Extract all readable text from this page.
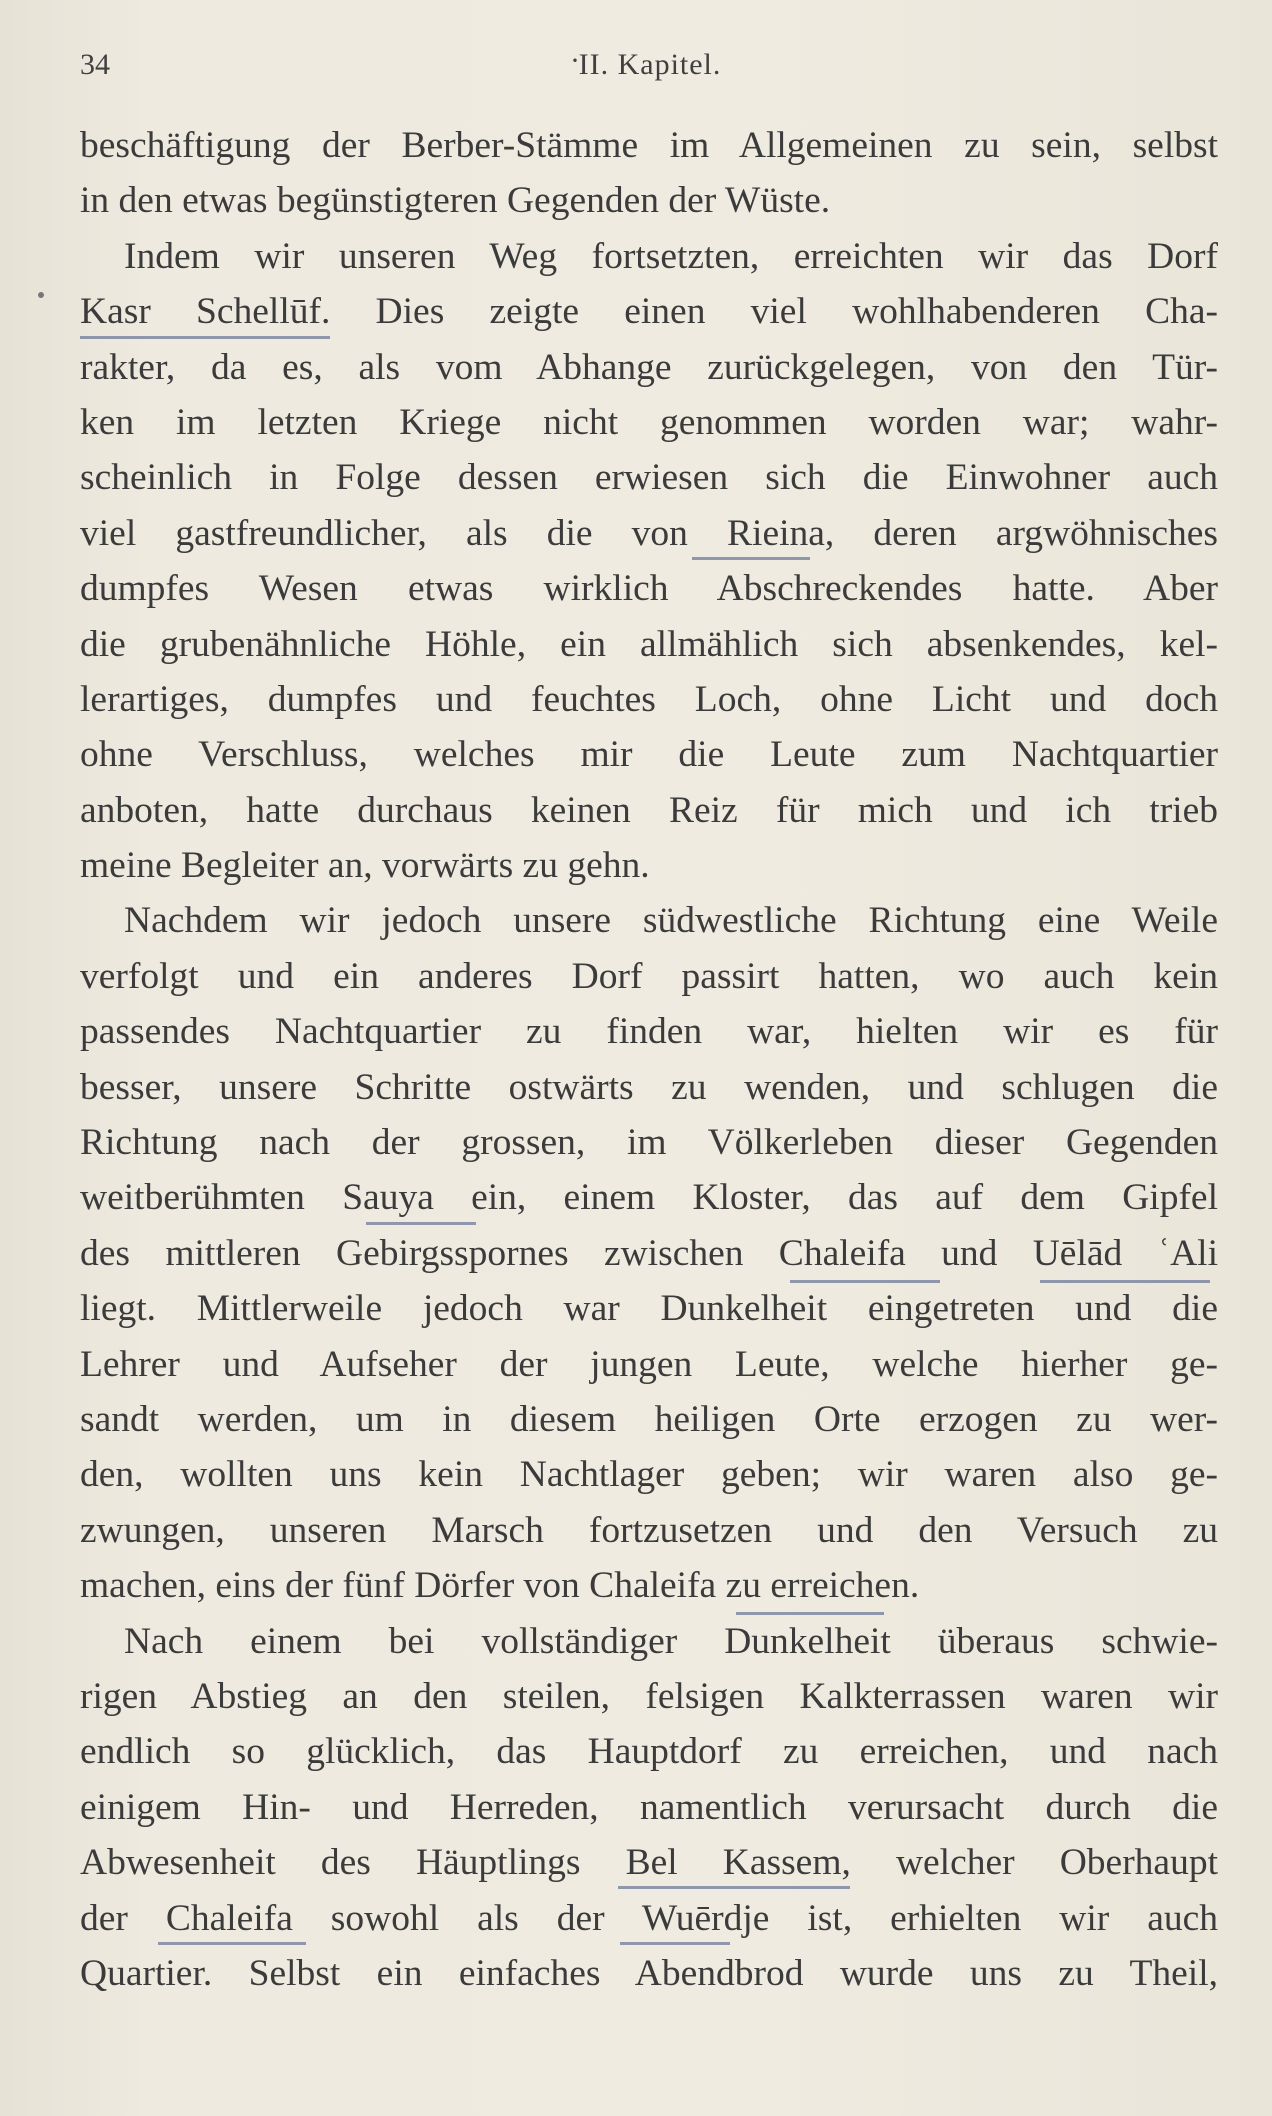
34	·
II. Kapitel.
beschäftigung der Berber-Stämme im Allgemeinen zu sein, selbst
in den etwas begünstigteren Gegenden der Wüste.
Indem wir unseren Weg fortsetzten, erreichten wir das Dorf
Kasr Schellūf. Dies zeigte einen viel wohlhabenderen Cha-
rakter, da es, als vom Abhange zurückgelegen, von den Tür-
ken im letzten Kriege nicht genommen worden war; wahr-
scheinlich in Folge dessen erwiesen sich die Einwohner auch
viel gastfreundlicher, als die von Rieina, deren argwöhnisches
dumpfes Wesen etwas wirklich Abschreckendes hatte. Aber
die grubenähnliche Höhle, ein allmählich sich absenkendes, kel-
lerartiges, dumpfes und feuchtes Loch, ohne Licht und doch
ohne Verschluss, welches mir die Leute zum Nachtquartier
anboten, hatte durchaus keinen Reiz für mich und ich trieb
meine Begleiter an, vorwärts zu gehn.
Nachdem wir jedoch unsere südwestliche Richtung eine Weile
verfolgt und ein anderes Dorf passirt hatten, wo auch kein
passendes Nachtquartier zu finden war, hielten wir es für
besser, unsere Schritte ostwärts zu wenden, und schlugen die
Richtung nach der grossen, im Völkerleben dieser Gegenden
weitberühmten Sauya ein, einem Kloster, das auf dem Gipfel
des mittleren Gebirgsspornes zwischen Chaleifa und Uēlād ʿAli
liegt. Mittlerweile jedoch war Dunkelheit eingetreten und die
Lehrer und Aufseher der jungen Leute, welche hierher ge-
sandt werden, um in diesem heiligen Orte erzogen zu wer-
den, wollten uns kein Nachtlager geben; wir waren also ge-
zwungen, unseren Marsch fortzusetzen und den Versuch zu
machen, eins der fünf Dörfer von Chaleifa zu erreichen.
Nach einem bei vollständiger Dunkelheit überaus schwie-
rigen Abstieg an den steilen, felsigen Kalkterrassen waren wir
endlich so glücklich, das Hauptdorf zu erreichen, und nach
einigem Hin- und Herreden, namentlich verursacht durch die
Abwesenheit des Häuptlings Bel Kassem, welcher Oberhaupt
der Chaleifa sowohl als der Wuērdje ist, erhielten wir auch
Quartier. Selbst ein einfaches Abendbrod wurde uns zu Theil,
